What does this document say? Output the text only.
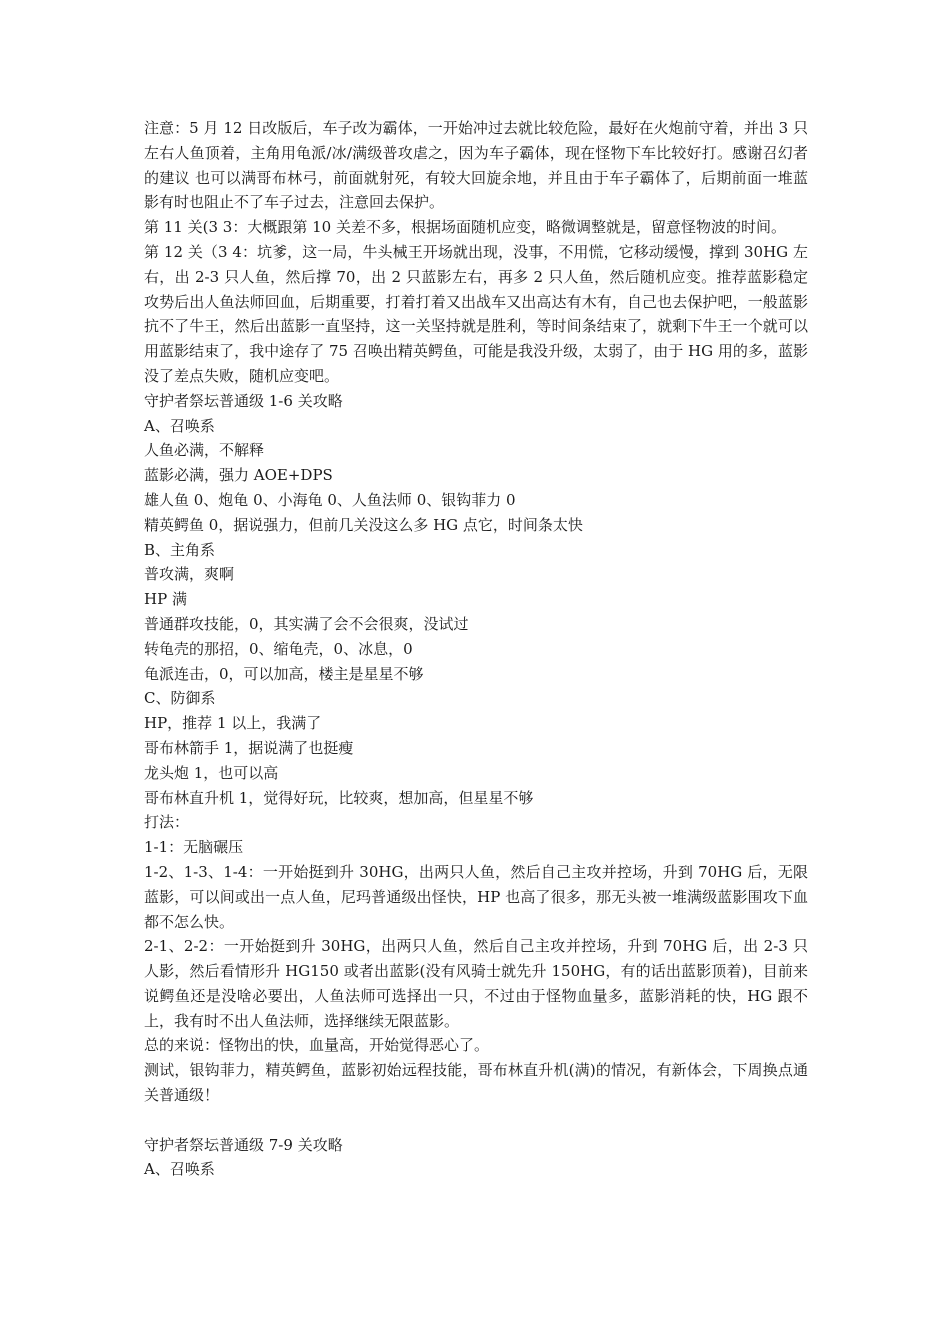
注意：5 月 12 日改版后，车子改为霸体，一开始冲过去就比较危险，最好在火炮前守着，并出 3 只左右人鱼顶着，主角用龟派/冰/满级普攻虐之，因为车子霸体，现在怪物下车比较好打。感谢召幻者的建议 也可以满哥布林弓，前面就射死，有较大回旋余地，并且由于车子霸体了，后期前面一堆蓝影有时也阻止不了车子过去，注意回去保护。

第 11 关(3 3：大概跟第 10 关差不多，根据场面随机应变，略微调整就是，留意怪物波的时间。

第 12 关（3 4：坑爹，这一局，牛头械王开场就出现，没事，不用慌，它移动缓慢，撑到 30HG 左右，出 2-3 只人鱼，然后撑 70，出 2 只蓝影左右，再多 2 只人鱼，然后随机应变。推荐蓝影稳定攻势后出人鱼法师回血，后期重要，打着打着又出战车又出高达有木有，自己也去保护吧，一般蓝影抗不了牛王，然后出蓝影一直坚持，这一关坚持就是胜利，等时间条结束了，就剩下牛王一个就可以用蓝影结束了，我中途存了 75 召唤出精英鳄鱼，可能是我没升级，太弱了，由于 HG 用的多，蓝影没了差点失败，随机应变吧。

守护者祭坛普通级 1-6 关攻略

A、召唤系

人鱼必满，不解释

蓝影必满，强力 AOE+DPS

雄人鱼 0、炮龟 0、小海龟 0、人鱼法师 0、银钩菲力 0

精英鳄鱼 0，据说强力，但前几关没这么多 HG 点它，时间条太快

B、主角系

普攻满，爽啊

HP 满

普通群攻技能，0，其实满了会不会很爽，没试过

转龟壳的那招，0、缩龟壳，0、冰息，0

龟派连击，0，可以加高，楼主是星星不够

C、防御系

HP，推荐 1 以上，我满了

哥布林箭手 1，据说满了也挺瘦

龙头炮 1，也可以高

哥布林直升机 1，觉得好玩，比较爽，想加高，但星星不够

打法：

1-1：无脑碾压

1-2、1-3、1-4：一开始挺到升 30HG，出两只人鱼，然后自己主攻并控场，升到 70HG 后，无限蓝影，可以间或出一点人鱼，尼玛普通级出怪快，HP 也高了很多，那无头被一堆满级蓝影围攻下血都不怎么快。

2-1、2-2：一开始挺到升 30HG，出两只人鱼，然后自己主攻并控场，升到 70HG 后，出 2-3 只人影，然后看情形升 HG150 或者出蓝影(没有风骑士就先升 150HG，有的话出蓝影顶着)，目前来说鳄鱼还是没啥必要出，人鱼法师可选择出一只，不过由于怪物血量多，蓝影消耗的快，HG 跟不上，我有时不出人鱼法师，选择继续无限蓝影。

总的来说：怪物出的快，血量高，开始觉得恶心了。

测试，银钩菲力，精英鳄鱼，蓝影初始远程技能，哥布林直升机(满)的情况，有新体会，下周换点通关普通级！

守护者祭坛普通级 7-9 关攻略

A、召唤系
